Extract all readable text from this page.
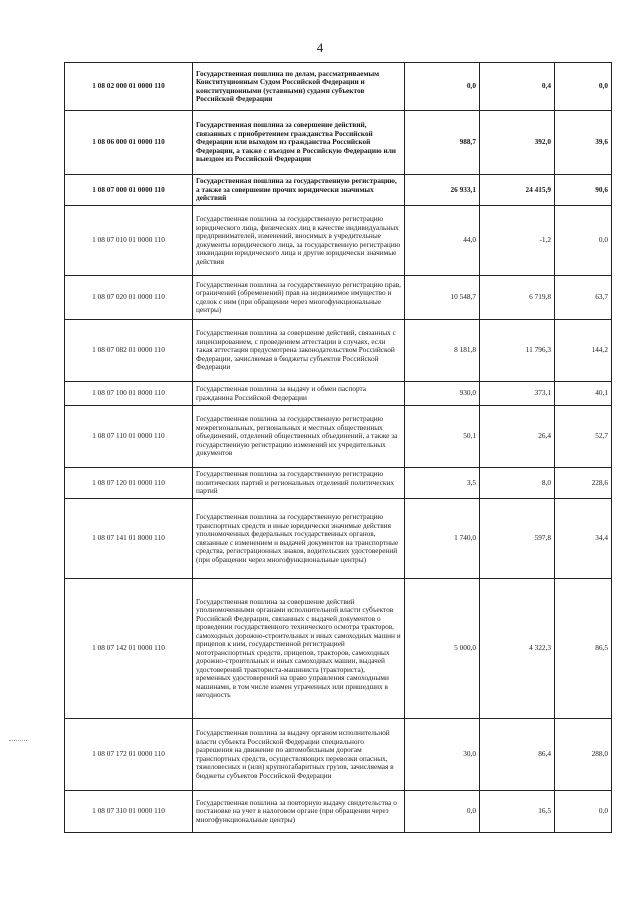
4
1 08 02 000 01 0000 110	Государственная пошлина по делам, рассматриваемым Конституционным Судом Российской Федерации и конституционными (уставными) судами субъектов Российской Федерации	0,0	0,4	0,0
1 08 06 000 01 0000 110	Государственная пошлина за совершение действий, связанных с приобретением гражданства Российской Федерации или выходом из гражданства Российской Федерации, а также с въездом в Российскую Федерацию или выездом из Российской Федерации	988,7	392,0	39,6
1 08 07 000 01 0000 110	Государственная пошлина за государственную регистрацию, а также за совершение прочих юридически значимых действий	26 933,1	24 415,9	90,6
1 08 07 010 01 0000 110	Государственная пошлина за государственную регистрацию юридического лица, физических лиц в качестве индивидуальных предпринимателей, изменений, вносимых в учредительные документы юридического лица, за государственную регистрацию ликвидации юридического лица и другие юридически значимые действия	44,0	-1,2	0,0
1 08 07 020 01 0000 110	Государственная пошлина за государственную регистрацию прав, ограничений (обременений) прав на недвижимое имущество и сделок с ним (при обращении через многофункциональные центры)	10 548,7	6 719,8	63,7
1 08 07 082 01 0000 110	Государственная пошлина за совершение действий, связанных с лицензированием, с проведением аттестации в случаях, если такая аттестация предусмотрена законодательством Российской Федерации, зачисляемая в бюджеты субъектов Российской Федерации	8 181,8	11 796,3	144,2
1 08 07 100 01 8000 110	Государственная пошлина за выдачу и обмен паспорта гражданина Российской Федерации	930,0	373,1	40,1
1 08 07 110 01 0000 110	Государственная пошлина за государственную регистрацию межрегиональных, региональных и местных общественных объединений, отделений общественных объединений, а также за государственную регистрацию изменений их учредительных документов	50,1	26,4	52,7
1 08 07 120 01 0000 110	Государственная пошлина за государственную регистрацию политических партий и региональных отделений политических партий	3,5	8,0	228,6
1 08 07 141 01 8000 110	Государственная пошлина за государственную регистрацию транспортных средств и иные юридически значимые действия уполномоченных федеральных государственных органов, связанные с изменением и выдачей документов на транспортные средства, регистрационных знаков, водительских удостоверений (при обращении через многофункциональные центры)	1 740,0	597,8	34,4
1 08 07 142 01 0000 110	Государственная пошлина за совершение действий уполномоченными органами исполнительной власти субъектов Российской Федерации, связанных с выдачей документов о проведении государственного технического осмотра тракторов, самоходных дорожно-строительных и иных самоходных машин и прицепов к ним, государственной регистрацией мототранспортных средств, прицепов, тракторов, самоходных дорожно-строительных и иных самоходных машин, выдачей удостоверений тракториста-машиниста (тракториста), временных удостоверений на право управления самоходными машинами, в том числе взамен утраченных или пришедших в негодность	5 000,0	4 322,3	86,5
1 08 07 172 01 0000 110	Государственная пошлина за выдачу органом исполнительной власти субъекта Российской Федерации специального разрешения на движение по автомобильным дорогам транспортных средств, осуществляющих перевозки опасных, тяжеловесных и (или) крупногабаритных грузов, зачисляемая в бюджеты субъектов Российской Федерации	30,0	86,4	288,0
1 08 07 310 01 0000 110	Государственная пошлина за повторную выдачу свидетельства о постановке на учет в налоговом органе (при обращении через многофункциональные центры)	0,0	16,5	0,0
